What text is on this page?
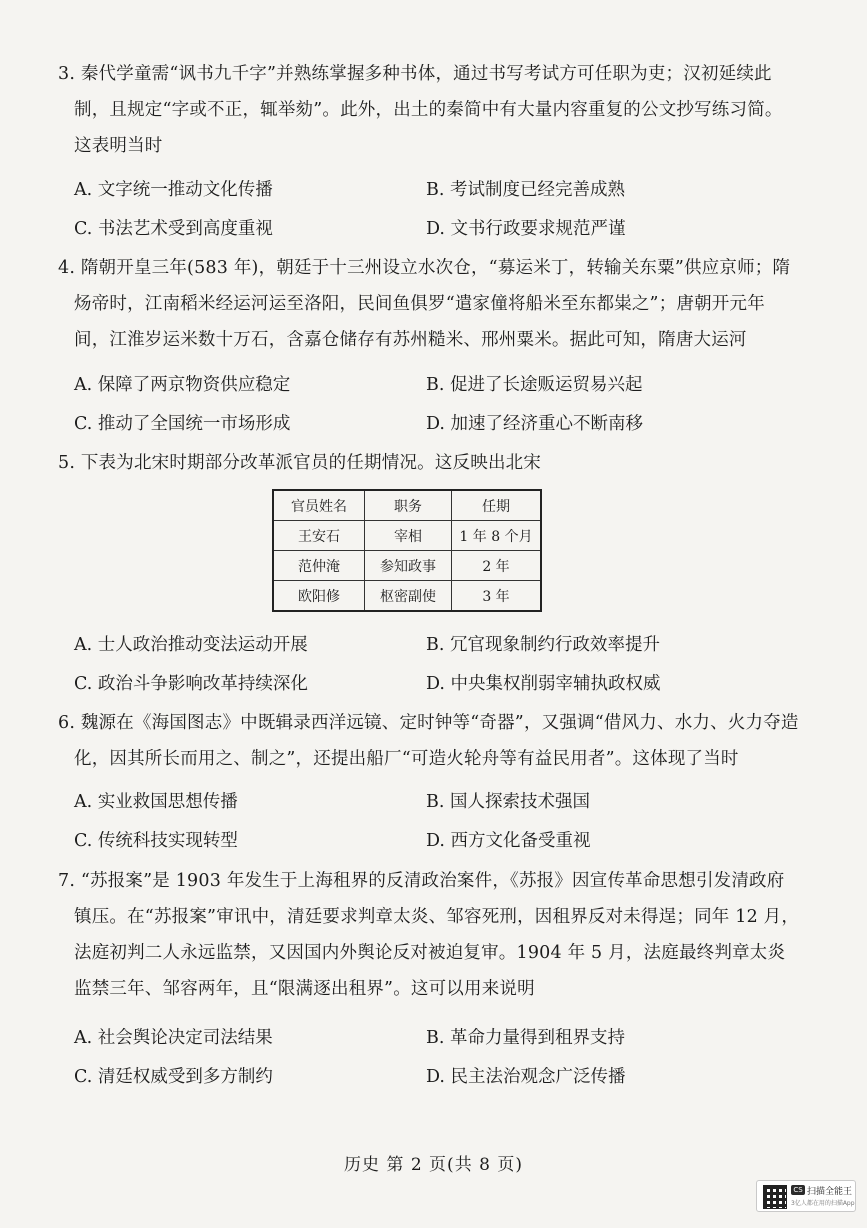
3. 秦代学童需“讽书九千字”并熟练掌握多种书体，通过书写考试方可任职为吏；汉初延续此

制，且规定“字或不正，辄举劾”。此外，出土的秦简中有大量内容重复的公文抄写练习简。

这表明当时

A. 文字统一推动文化传播	B. 考试制度已经完善成熟
C. 书法艺术受到高度重视	D. 文书行政要求规范严谨

4. 隋朝开皇三年(583 年)，朝廷于十三州设立水次仓，“募运米丁，转输关东粟”供应京师；隋

炀帝时，江南稻米经运河运至洛阳，民间鱼俱罗“遣家僮将船米至东都粜之”；唐朝开元年

间，江淮岁运米数十万石，含嘉仓储存有苏州糙米、邢州粟米。据此可知，隋唐大运河

A. 保障了两京物资供应稳定	B. 促进了长途贩运贸易兴起
C. 推动了全国统一市场形成	D. 加速了经济重心不断南移

5. 下表为北宋时期部分改革派官员的任期情况。这反映出北宋

官员姓名	职务	任期
王安石	宰相	1 年 8 个月
范仲淹	参知政事	2 年
欧阳修	枢密副使	3 年
A. 士人政治推动变法运动开展	B. 冗官现象制约行政效率提升
C. 政治斗争影响改革持续深化	D. 中央集权削弱宰辅执政权威

6. 魏源在《海国图志》中既辑录西洋远镜、定时钟等“奇器”，又强调“借风力、水力、火力夺造

化，因其所长而用之、制之”，还提出船厂“可造火轮舟等有益民用者”。这体现了当时

A. 实业救国思想传播	B. 国人探索技术强国
C. 传统科技实现转型	D. 西方文化备受重视

7. “苏报案”是 1903 年发生于上海租界的反清政治案件，《苏报》因宣传革命思想引发清政府

镇压。在“苏报案”审讯中，清廷要求判章太炎、邹容死刑，因租界反对未得逞；同年 12 月，

法庭初判二人永远监禁，又因国内外舆论反对被迫复审。1904 年 5 月，法庭最终判章太炎

监禁三年、邹容两年，且“限满逐出租界”。这可以用来说明

A. 社会舆论决定司法结果	B. 革命力量得到租界支持
C. 清廷权威受到多方制约	D. 民主法治观念广泛传播
历史 第 2 页(共 8 页)
CS 扫描全能王
3亿人都在用的扫描App
